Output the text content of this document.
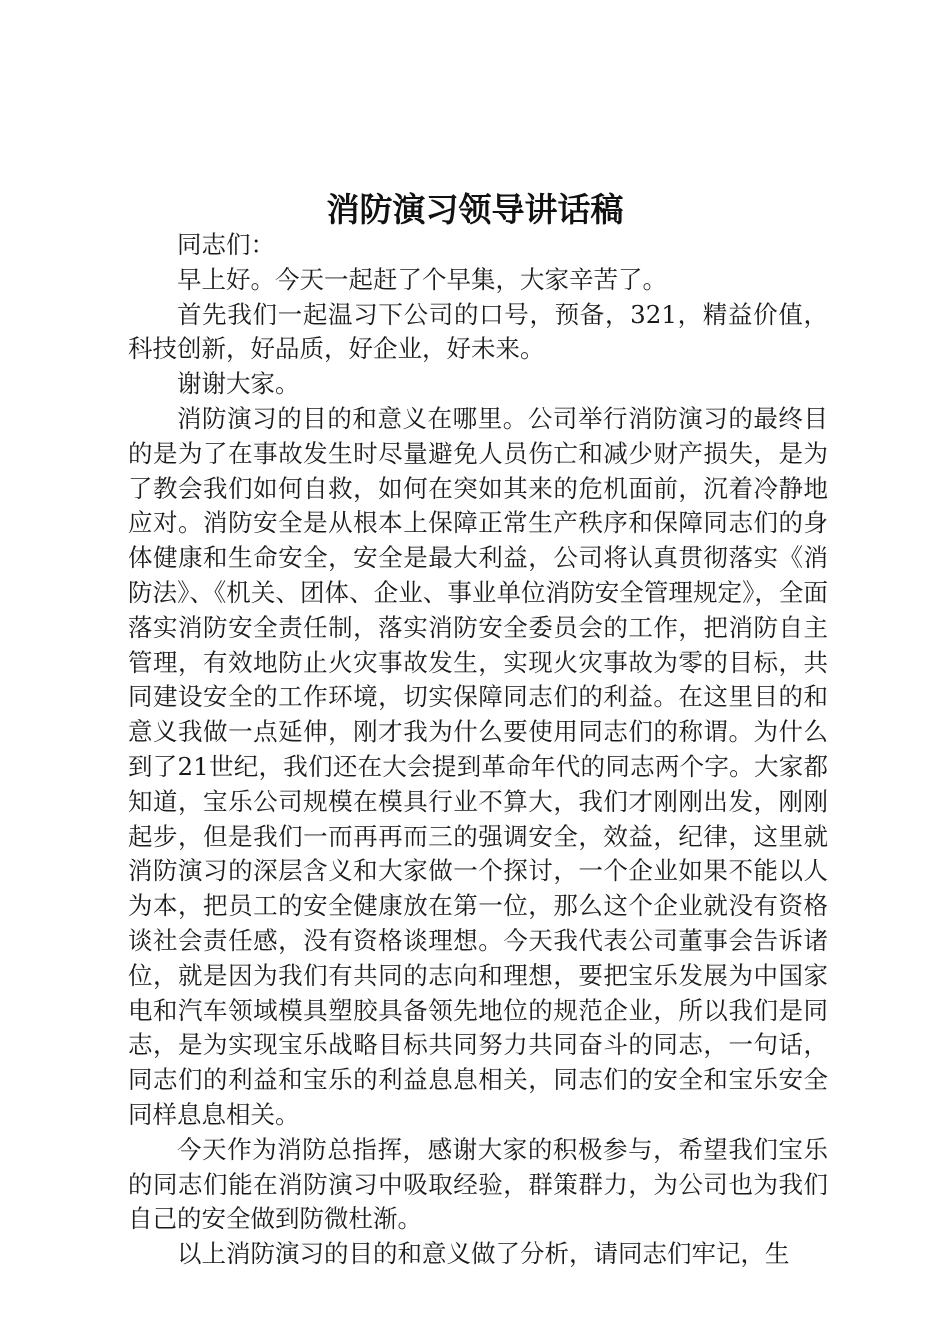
消防演习领导讲话稿

同志们：

早上好。今天一起赶了个早集，大家辛苦了。

首先我们一起温习下公司的口号，预备，321，精益价值，科技创新，好品质，好企业，好未来。

谢谢大家。

消防演习的目的和意义在哪里。公司举行消防演习的最终目的是为了在事故发生时尽量避免人员伤亡和减少财产损失，是为了教会我们如何自救，如何在突如其来的危机面前，沉着冷静地应对。消防安全是从根本上保障正常生产秩序和保障同志们的身体健康和生命安全，安全是最大利益，公司将认真贯彻落实《消防法》、《机关、团体、企业、事业单位消防安全管理规定》，全面落实消防安全责任制，落实消防安全委员会的工作，把消防自主管理，有效地防止火灾事故发生，实现火灾事故为零的目标，共同建设安全的工作环境，切实保障同志们的利益。在这里目的和意义我做一点延伸，刚才我为什么要使用同志们的称谓。为什么到了21世纪，我们还在大会提到革命年代的同志两个字。大家都知道，宝乐公司规模在模具行业不算大，我们才刚刚出发，刚刚起步，但是我们一而再再而三的强调安全，效益，纪律，这里就消防演习的深层含义和大家做一个探讨，一个企业如果不能以人为本，把员工的安全健康放在第一位，那么这个企业就没有资格谈社会责任感，没有资格谈理想。今天我代表公司董事会告诉诸位，就是因为我们有共同的志向和理想，要把宝乐发展为中国家电和汽车领域模具塑胶具备领先地位的规范企业，所以我们是同志，是为实现宝乐战略目标共同努力共同奋斗的同志，一句话，同志们的利益和宝乐的利益息息相关，同志们的安全和宝乐安全同样息息相关。

今天作为消防总指挥，感谢大家的积极参与，希望我们宝乐的同志们能在消防演习中吸取经验，群策群力，为公司也为我们自己的安全做到防微杜渐。

以上消防演习的目的和意义做了分析，请同志们牢记，生
